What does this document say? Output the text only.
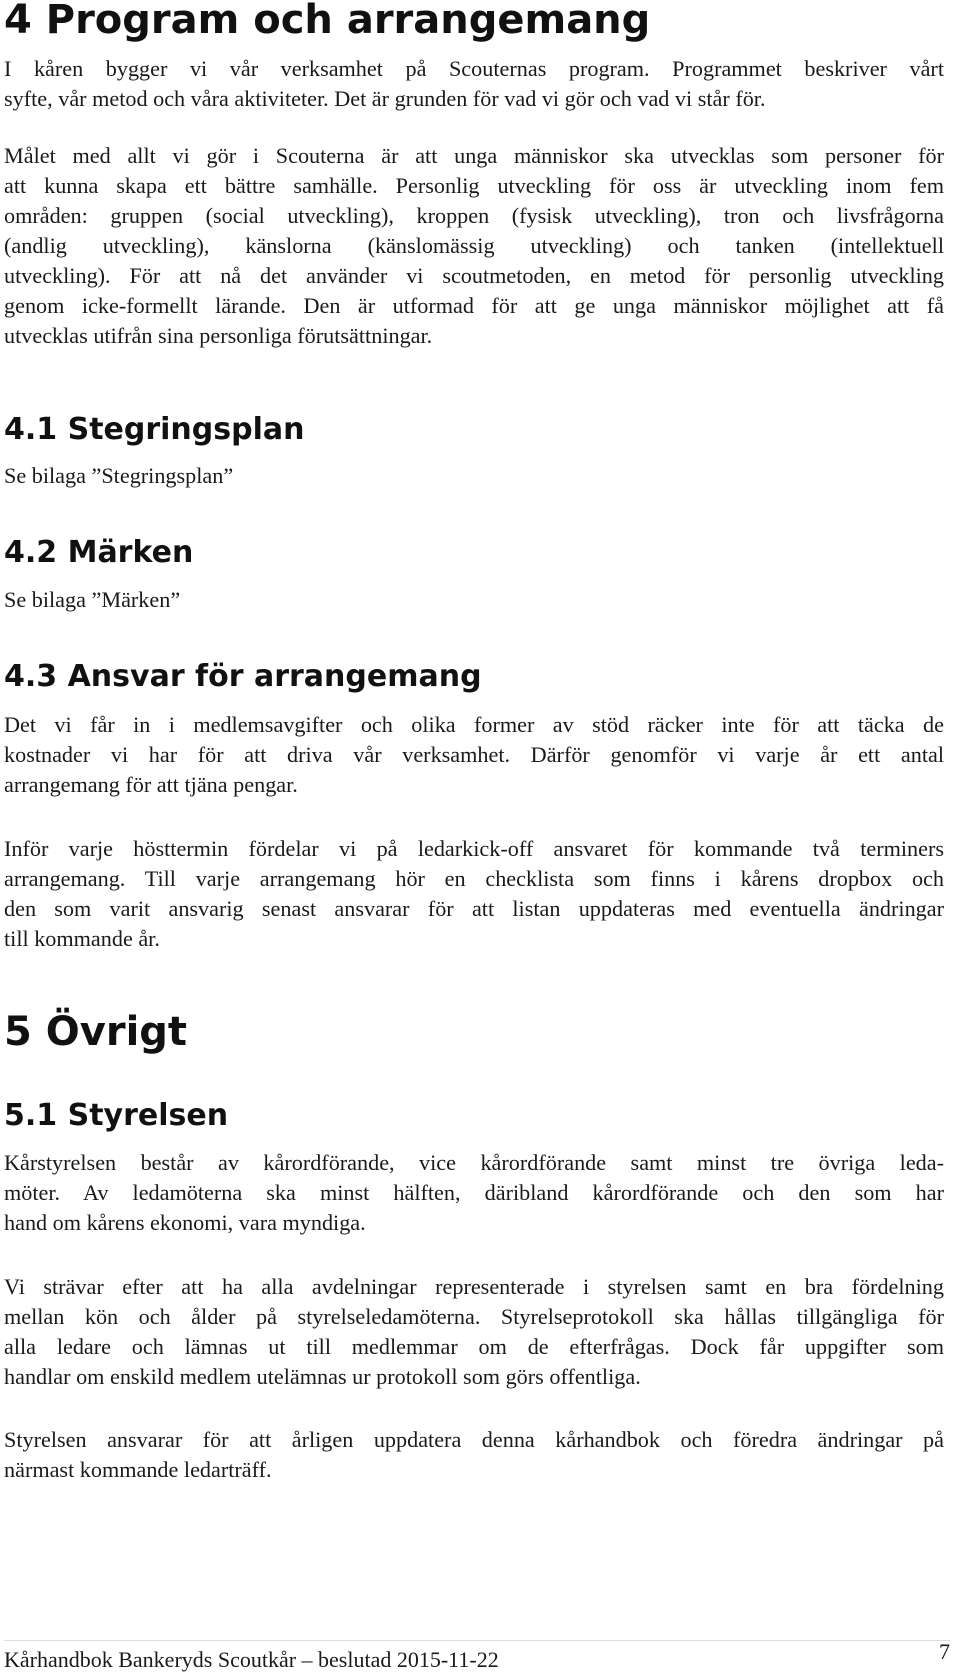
4 Program och arrangemang
I kåren bygger vi vår verksamhet på Scouternas program. Programmet beskriver vårt
syfte, vår metod och våra aktiviteter. Det är grunden för vad vi gör och vad vi står för.
Målet med allt vi gör i Scouterna är att unga människor ska utvecklas som personer för
att kunna skapa ett bättre samhälle. Personlig utveckling för oss är utveckling inom fem
områden: gruppen (social utveckling), kroppen (fysisk utveckling), tron och livsfrågorna
(andlig utveckling), känslorna (känslomässig utveckling) och tanken (intellektuell
utveckling). För att nå det använder vi scoutmetoden, en metod för personlig utveckling
genom icke-formellt lärande. Den är utformad för att ge unga människor möjlighet att få
utvecklas utifrån sina personliga förutsättningar.
4.1 Stegringsplan
Se bilaga ”Stegringsplan”
4.2 Märken
Se bilaga ”Märken”
4.3 Ansvar för arrangemang
Det vi får in i medlemsavgifter och olika former av stöd räcker inte för att täcka de
kostnader vi har för att driva vår verksamhet. Därför genomför vi varje år ett antal
arrangemang för att tjäna pengar.
Inför varje hösttermin fördelar vi på ledarkick-off ansvaret för kommande två terminers
arrangemang. Till varje arrangemang hör en checklista som finns i kårens dropbox och
den som varit ansvarig senast ansvarar för att listan uppdateras med eventuella ändringar
till kommande år.
5 Övrigt
5.1 Styrelsen
Kårstyrelsen består av kårordförande, vice kårordförande samt minst tre övriga leda-
möter. Av ledamöterna ska minst hälften, däribland kårordförande och den som har
hand om kårens ekonomi, vara myndiga.
Vi strävar efter att ha alla avdelningar representerade i styrelsen samt en bra fördelning
mellan kön och ålder på styrelseledamöterna. Styrelseprotokoll ska hållas tillgängliga för
alla ledare och lämnas ut till medlemmar om de efterfrågas. Dock får uppgifter som
handlar om enskild medlem utelämnas ur protokoll som görs offentliga.
Styrelsen ansvarar för att årligen uppdatera denna kårhandbok och föredra ändringar på
närmast kommande ledarträff.
Kårhandbok Bankeryds Scoutkår – beslutad 2015-11-22	7
